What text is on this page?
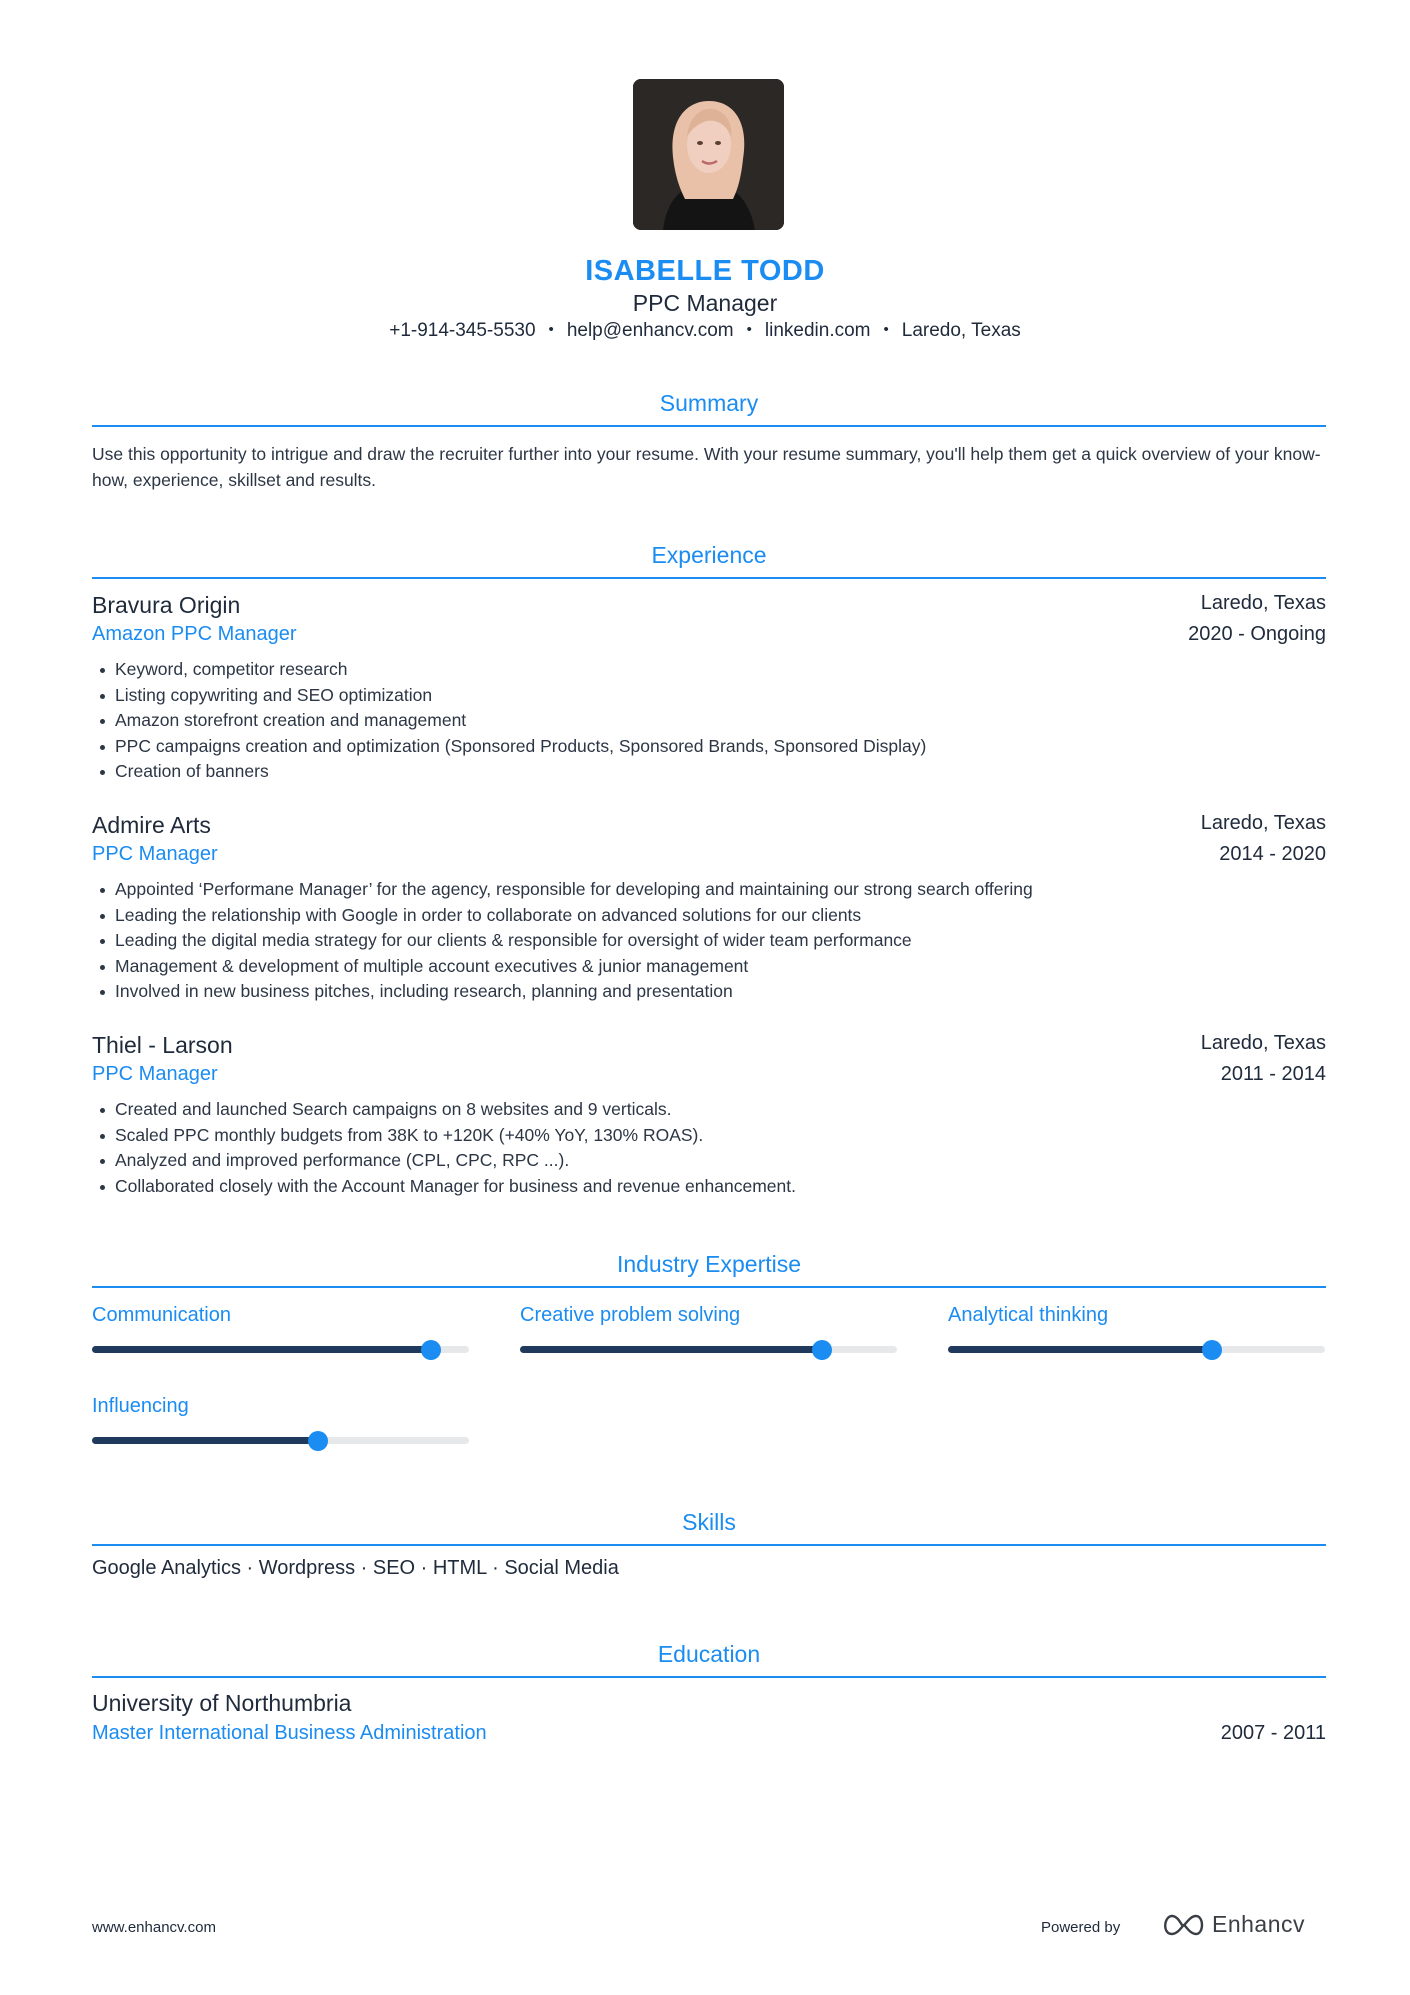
ISABELLE TODD
PPC Manager
+1-914-345-5530 • help@enhancv.com • linkedin.com • Laredo, Texas
Summary
Use this opportunity to intrigue and draw the recruiter further into your resume. With your resume summary, you'll help them get a quick overview of your know-how, experience, skillset and results.
Experience
Bravura Origin	Laredo, Texas
Amazon PPC Manager	2020 - Ongoing
Keyword, competitor research
Listing copywriting and SEO optimization
Amazon storefront creation and management
PPC campaigns creation and optimization (Sponsored Products, Sponsored Brands, Sponsored Display)
Creation of banners
Admire Arts	Laredo, Texas
PPC Manager	2014 - 2020
Appointed ‘Performane Manager’ for the agency, responsible for developing and maintaining our strong search offering
Leading the relationship with Google in order to collaborate on advanced solutions for our clients
Leading the digital media strategy for our clients & responsible for oversight of wider team performance
Management & development of multiple account executives & junior management
Involved in new business pitches, including research, planning and presentation
Thiel - Larson	Laredo, Texas
PPC Manager	2011 - 2014
Created and launched Search campaigns on 8 websites and 9 verticals.
Scaled PPC monthly budgets from 38K to +120K (+40% YoY, 130% ROAS).
Analyzed and improved performance (CPL, CPC, RPC ...).
Collaborated closely with the Account Manager for business and revenue enhancement.
Industry Expertise
Communication	Creative problem solving	Analytical thinking
Influencing
Skills
Google Analytics · Wordpress · SEO · HTML · Social Media
Education
University of Northumbria
Master International Business Administration	2007 - 2011
www.enhancv.com	Powered by	Enhancv
